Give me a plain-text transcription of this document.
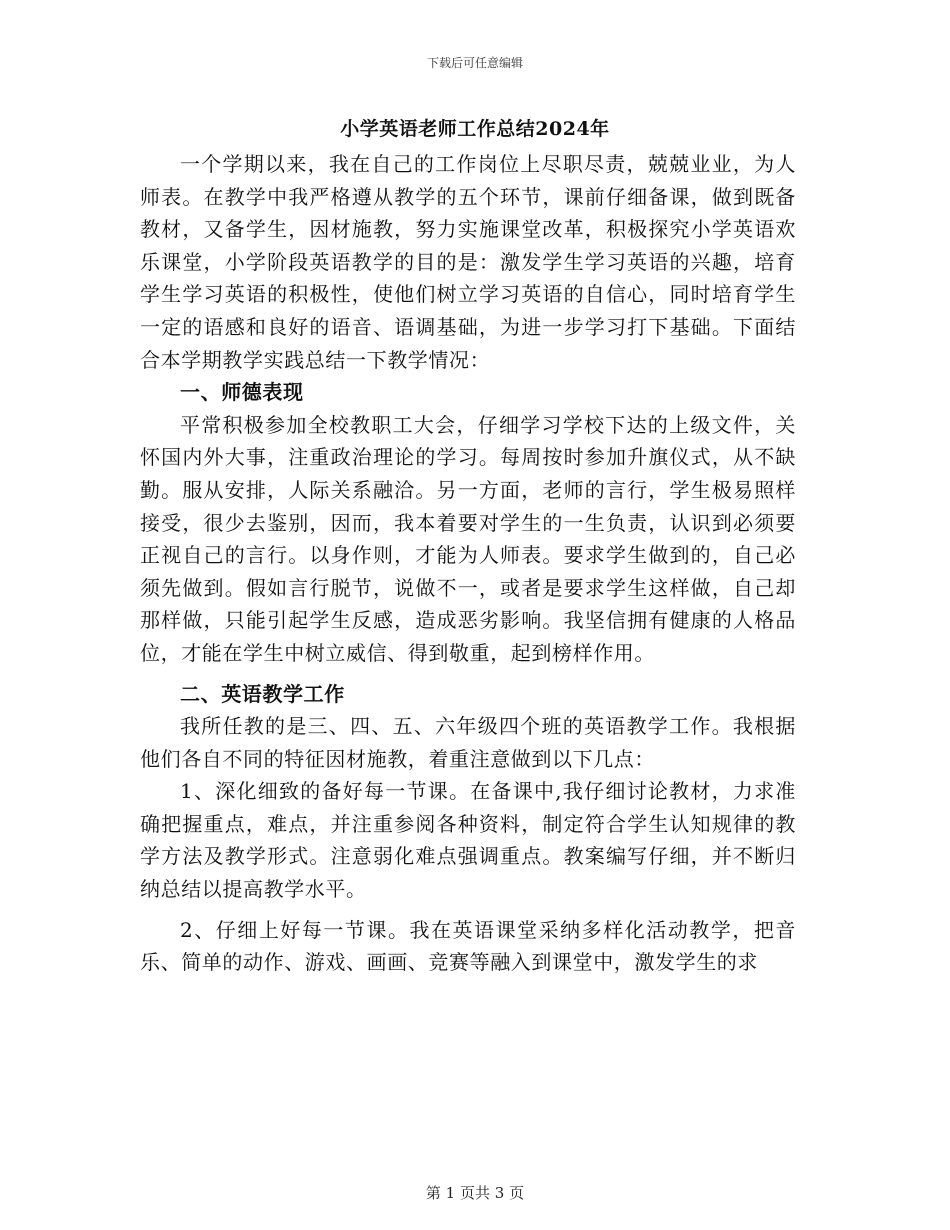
下载后可任意编辑
小学英语老师工作总结2024年

一个学期以来，我在自己的工作岗位上尽职尽责，兢兢业业，为人师表。在教学中我严格遵从教学的五个环节，课前仔细备课，做到既备教材，又备学生，因材施教，努力实施课堂改革，积极探究小学英语欢乐课堂，小学阶段英语教学的目的是：激发学生学习英语的兴趣，培育学生学习英语的积极性，使他们树立学习英语的自信心，同时培育学生一定的语感和良好的语音、语调基础，为进一步学习打下基础。下面结合本学期教学实践总结一下教学情况：

一、师德表现

平常积极参加全校教职工大会，仔细学习学校下达的上级文件，关怀国内外大事，注重政治理论的学习。每周按时参加升旗仪式，从不缺勤。服从安排，人际关系融洽。另一方面，老师的言行，学生极易照样接受，很少去鉴别，因而，我本着要对学生的一生负责，认识到必须要正视自己的言行。以身作则，才能为人师表。要求学生做到的，自己必须先做到。假如言行脱节，说做不一，或者是要求学生这样做，自己却那样做，只能引起学生反感，造成恶劣影响。我坚信拥有健康的人格品位，才能在学生中树立威信、得到敬重，起到榜样作用。

二、英语教学工作

我所任教的是三、四、五、六年级四个班的英语教学工作。我根据他们各自不同的特征因材施教，着重注意做到以下几点：

1、深化细致的备好每一节课。在备课中,我仔细讨论教材，力求准确把握重点，难点，并注重参阅各种资料，制定符合学生认知规律的教学方法及教学形式。注意弱化难点强调重点。教案编写仔细，并不断归纳总结以提高教学水平。

2、仔细上好每一节课。我在英语课堂采纳多样化活动教学，把音乐、简单的动作、游戏、画画、竞赛等融入到课堂中，激发学生的求

第 1 页共 3 页
